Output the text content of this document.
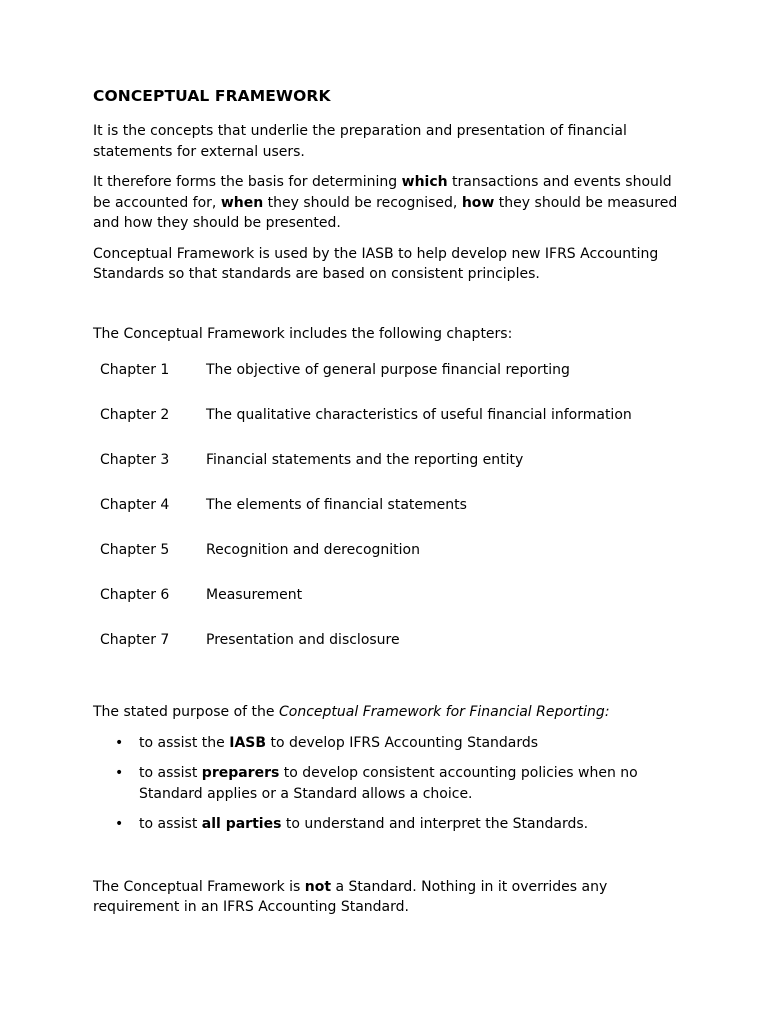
CONCEPTUAL FRAMEWORK

It is the concepts that underlie the preparation and presentation of financial statements for external users.

It therefore forms the basis for determining which transactions and events should be accounted for, when they should be recognised, how they should be measured and how they should be presented.

Conceptual Framework is used by the IASB to help develop new IFRS Accounting Standards so that standards are based on consistent principles.

The Conceptual Framework includes the following chapters:

Chapter 1	The objective of general purpose financial reporting
Chapter 2	The qualitative characteristics of useful financial information
Chapter 3	Financial statements and the reporting entity
Chapter 4	The elements of financial statements
Chapter 5	Recognition and derecognition
Chapter 6	Measurement
Chapter 7	Presentation and disclosure

The stated purpose of the Conceptual Framework for Financial Reporting:

• to assist the IASB to develop IFRS Accounting Standards
• to assist preparers to develop consistent accounting policies when no Standard applies or a Standard allows a choice.
• to assist all parties to understand and interpret the Standards.

The Conceptual Framework is not a Standard. Nothing in it overrides any requirement in an IFRS Accounting Standard.
